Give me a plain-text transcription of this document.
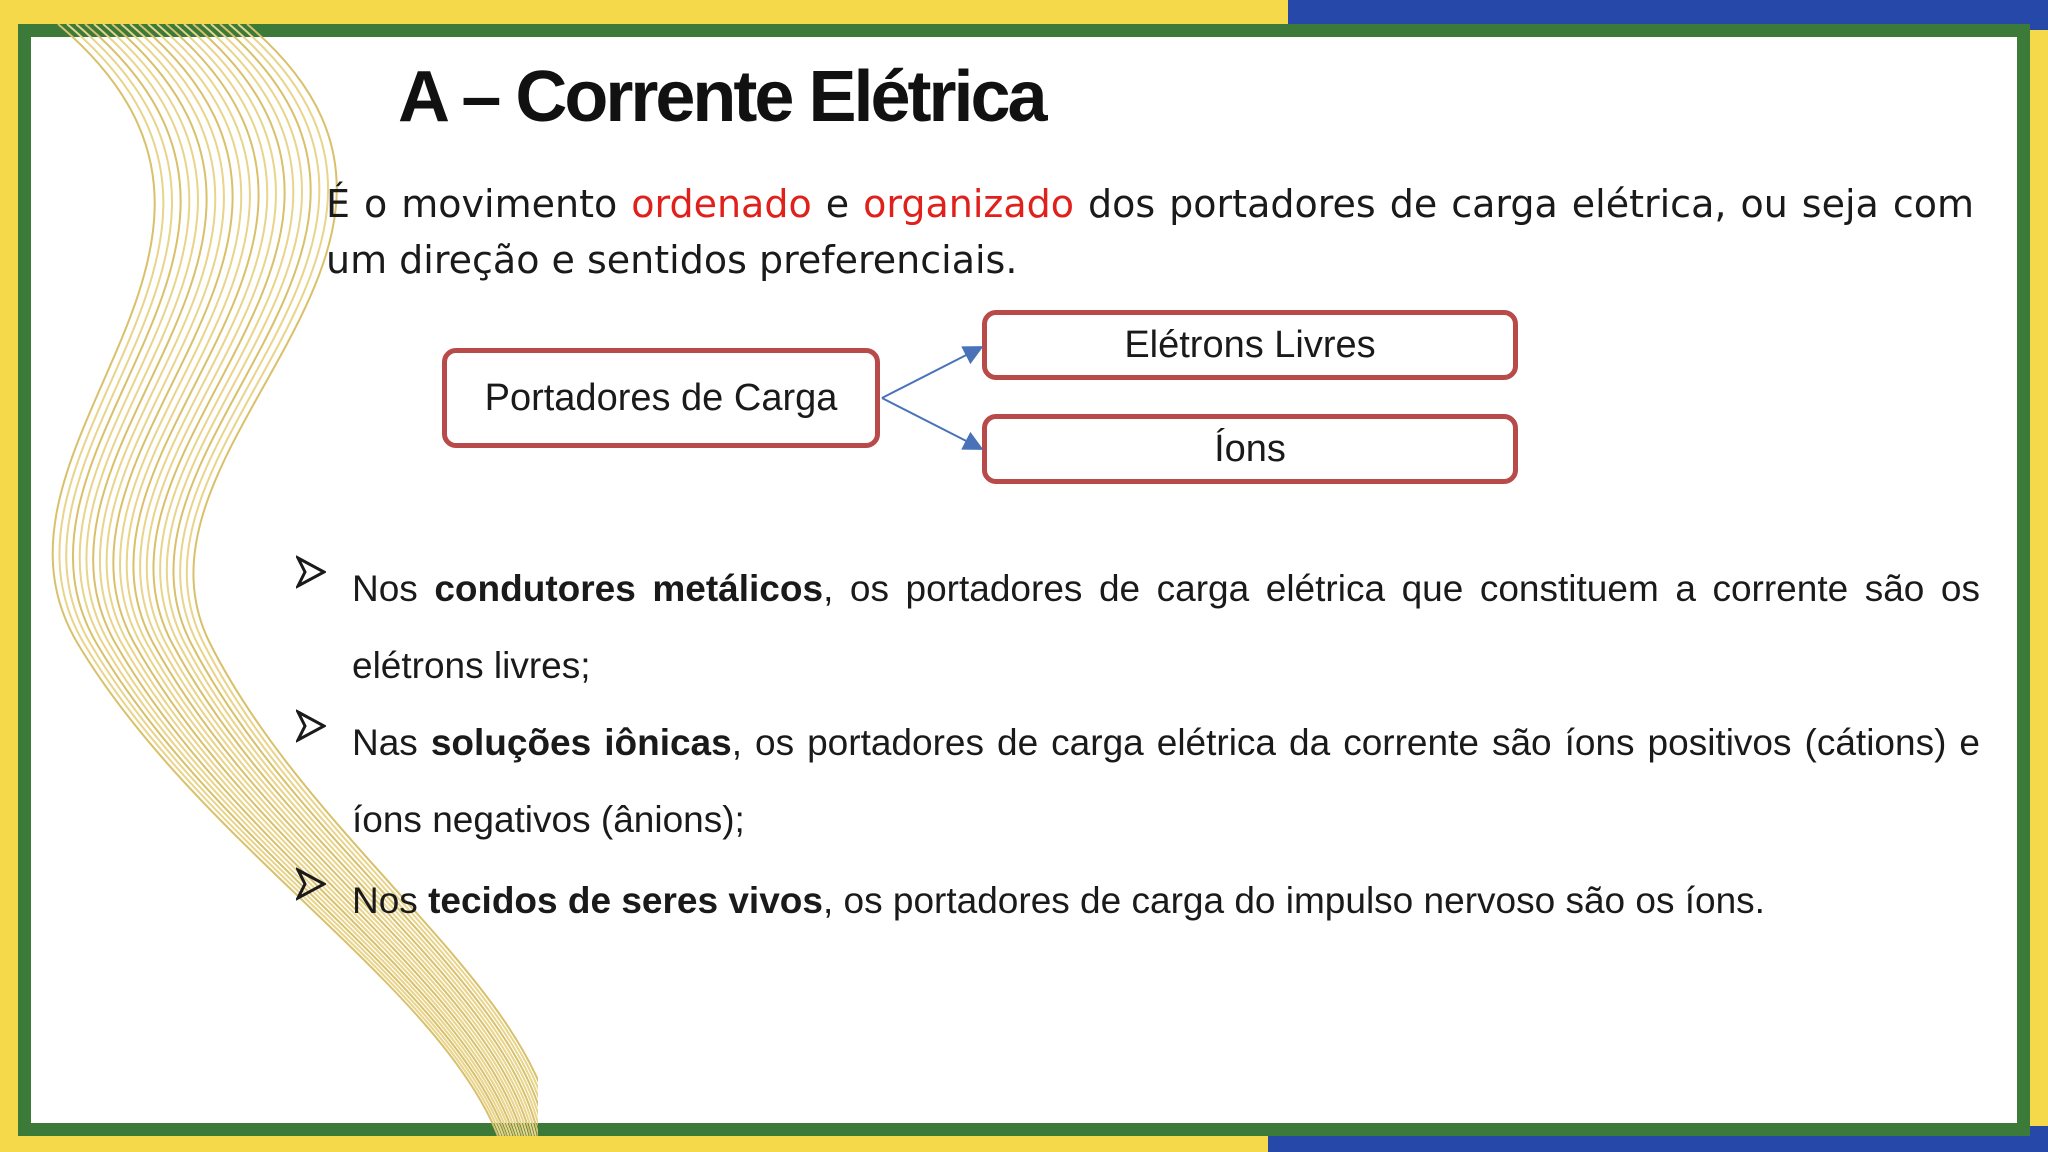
A – Corrente Elétrica
É o movimento ordenado e organizado dos portadores de carga elétrica, ou seja com um direção e sentidos preferenciais.
Portadores de Carga
Elétrons Livres
Íons
Nos condutores metálicos, os portadores de carga elétrica que constituem a corrente são os elétrons livres;
Nas soluções iônicas, os portadores de carga elétrica da corrente são íons positivos (cátions) e íons negativos (ânions);
Nos tecidos de seres vivos, os portadores de carga do impulso nervoso são os íons.
